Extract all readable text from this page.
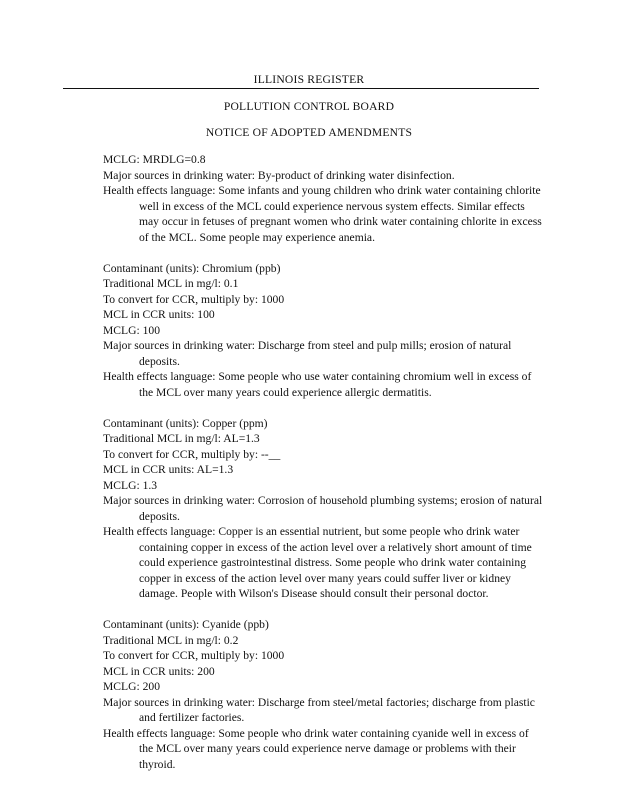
ILLINOIS REGISTER
POLLUTION CONTROL BOARD
NOTICE OF ADOPTED AMENDMENTS

MCLG: MRDLG=0.8

Major sources in drinking water: By-product of drinking water disinfection.

Health effects language: Some infants and young children who drink water containing chlorite well in excess of the MCL could experience nervous system effects. Similar effects may occur in fetuses of pregnant women who drink water containing chlorite in excess of the MCL. Some people may experience anemia.

Contaminant (units): Chromium (ppb)

Traditional MCL in mg/l: 0.1

To convert for CCR, multiply by: 1000

MCL in CCR units: 100

MCLG: 100

Major sources in drinking water: Discharge from steel and pulp mills; erosion of natural deposits.

Health effects language: Some people who use water containing chromium well in excess of the MCL over many years could experience allergic dermatitis.

Contaminant (units): Copper (ppm)

Traditional MCL in mg/l: AL=1.3

To convert for CCR, multiply by: --__

MCL in CCR units: AL=1.3

MCLG: 1.3

Major sources in drinking water: Corrosion of household plumbing systems; erosion of natural deposits.

Health effects language: Copper is an essential nutrient, but some people who drink water containing copper in excess of the action level over a relatively short amount of time could experience gastrointestinal distress. Some people who drink water containing copper in excess of the action level over many years could suffer liver or kidney damage. People with Wilson's Disease should consult their personal doctor.

Contaminant (units): Cyanide (ppb)

Traditional MCL in mg/l: 0.2

To convert for CCR, multiply by: 1000

MCL in CCR units: 200

MCLG: 200

Major sources in drinking water: Discharge from steel/metal factories; discharge from plastic and fertilizer factories.

Health effects language: Some people who drink water containing cyanide well in excess of the MCL over many years could experience nerve damage or problems with their thyroid.
